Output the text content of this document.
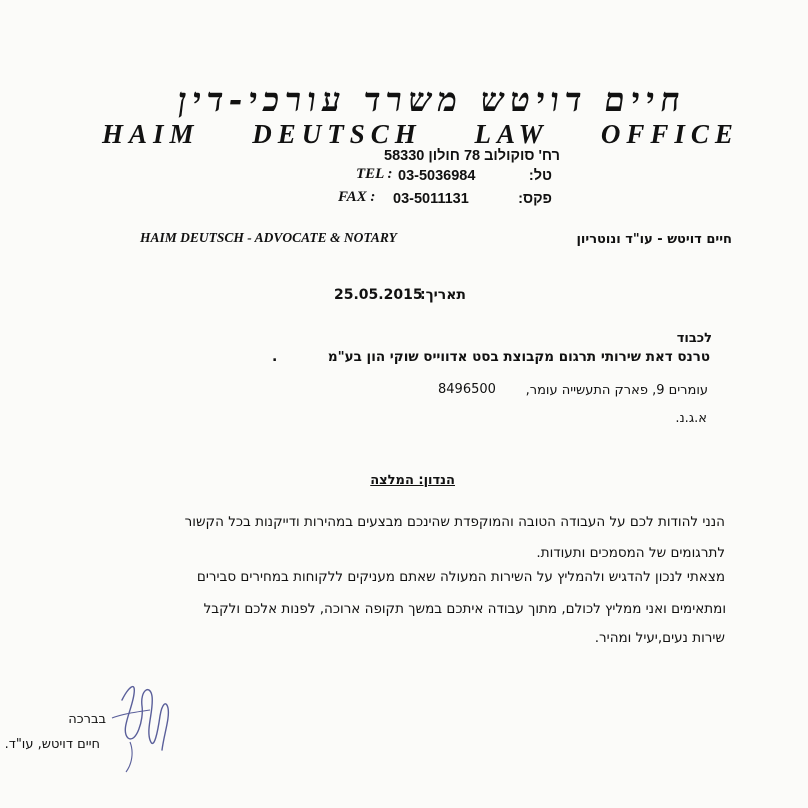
חיים דויטש משרד עורכי-דין
HAIM DEUTSCH LAW OFFICE
רח' סוקולוב 78 חולון 58330
TEL : 03-5036984	טל:
FAX : 03-5011131	פקס:
HAIM DEUTSCH - ADVOCATE & NOTARY	חיים דויטש - עו"ד ונוטריון
תאריך:
25.05.2015
לכבוד
טרנס דאת שירותי תרגום מקבוצת בסט אדווייס שוקי הון בע"מ
.
עומרים 9, פארק התעשייה עומר,
8496500
א.ג.נ.
הנדון: המלצה
הנני להודות לכם על העבודה הטובה והמוקפדת שהינכם מבצעים במהירות ודייקנות בכל הקשור
לתרגומים של המסמכים ותעודות.
מצאתי לנכון להדגיש ולהמליץ על השירות המעולה שאתם מעניקים ללקוחות במחירים סבירים
ומתאימים ואני ממליץ לכולם, מתוך עבודה איתכם במשך תקופה ארוכה, לפנות אלכם ולקבל
שירות נעים,יעיל ומהיר.
בברכה
חיים דויטש, עו"ד.
